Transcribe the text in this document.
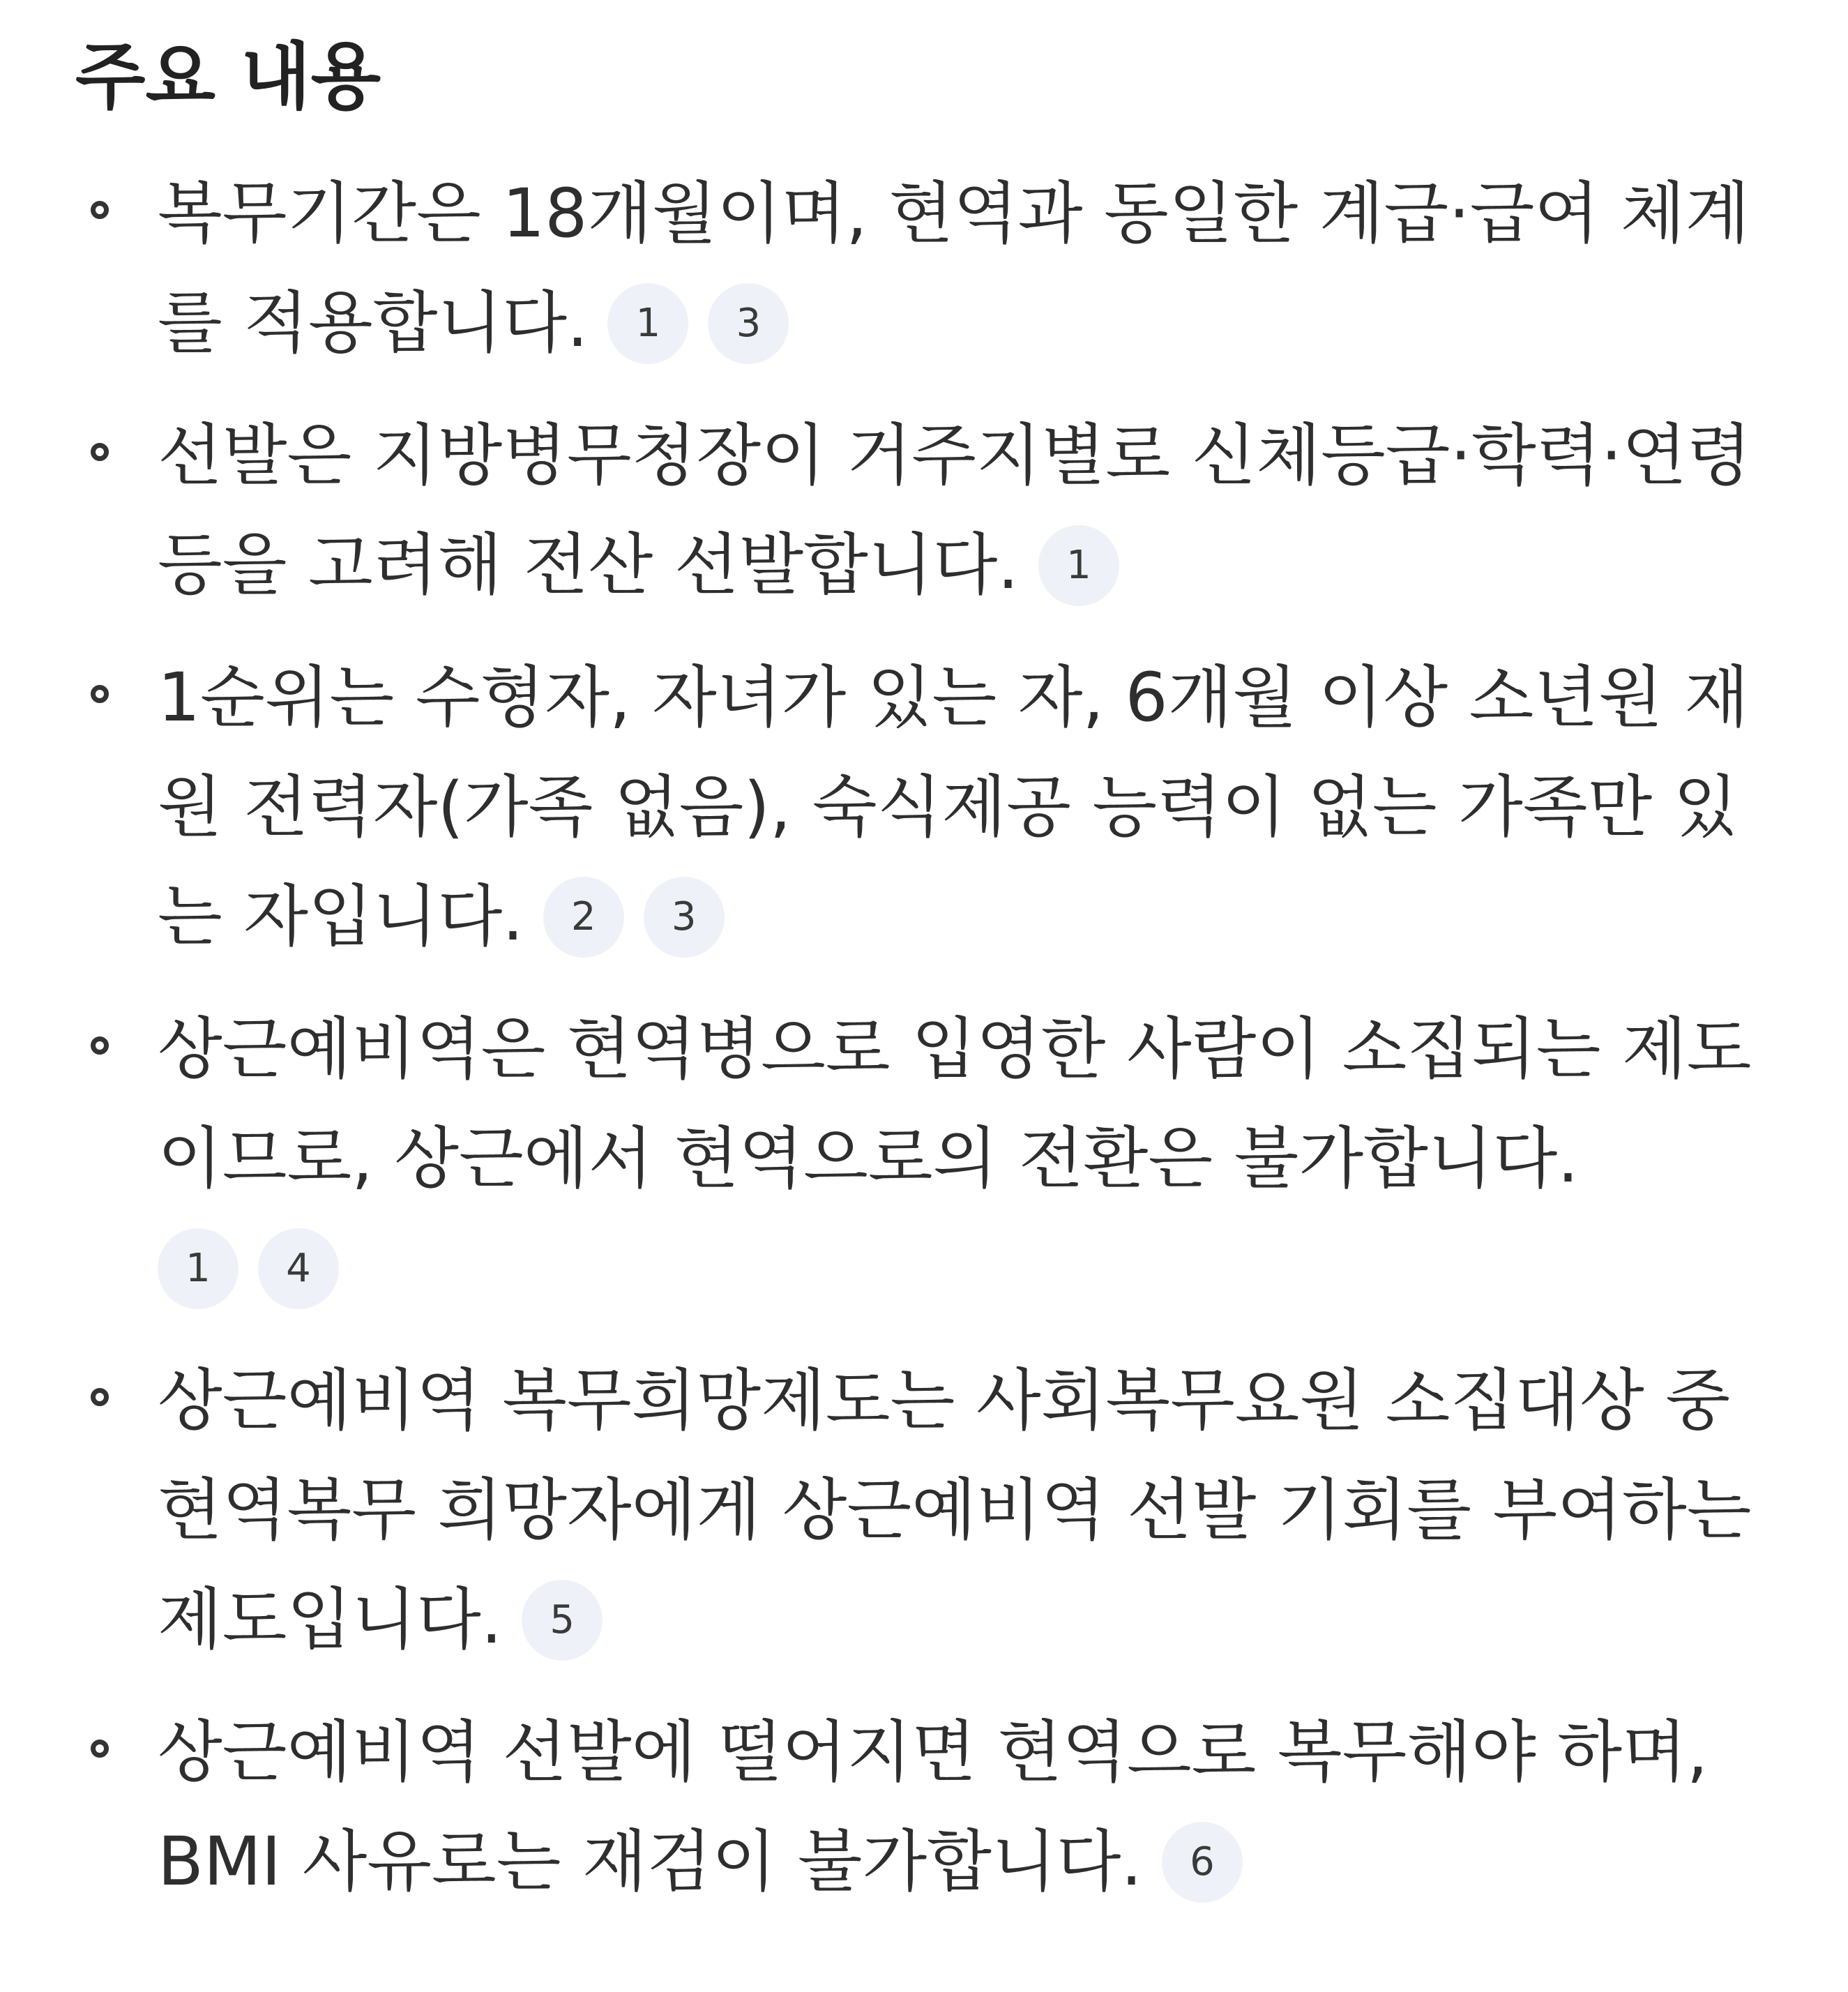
주요 내용
복무기간은 18개월이며, 현역과 동일한 계급·급여 체계를 적용합니다. 1 3
선발은 지방병무청장이 거주지별로 신체등급·학력·연령 등을 고려해 전산 선발합니다. 1
1순위는 수형자, 자녀가 있는 자, 6개월 이상 소년원 재원 전력자(가족 없음), 숙식제공 능력이 없는 가족만 있는 자입니다. 2 3
상근예비역은 현역병으로 입영한 사람이 소집되는 제도이므로, 상근에서 현역으로의 전환은 불가합니다.
1 4
상근예비역 복무희망제도는 사회복무요원 소집대상 중 현역복무 희망자에게 상근예비역 선발 기회를 부여하는 제도입니다. 5
상근예비역 선발에 떨어지면 현역으로 복무해야 하며, BMI 사유로는 재검이 불가합니다. 6
